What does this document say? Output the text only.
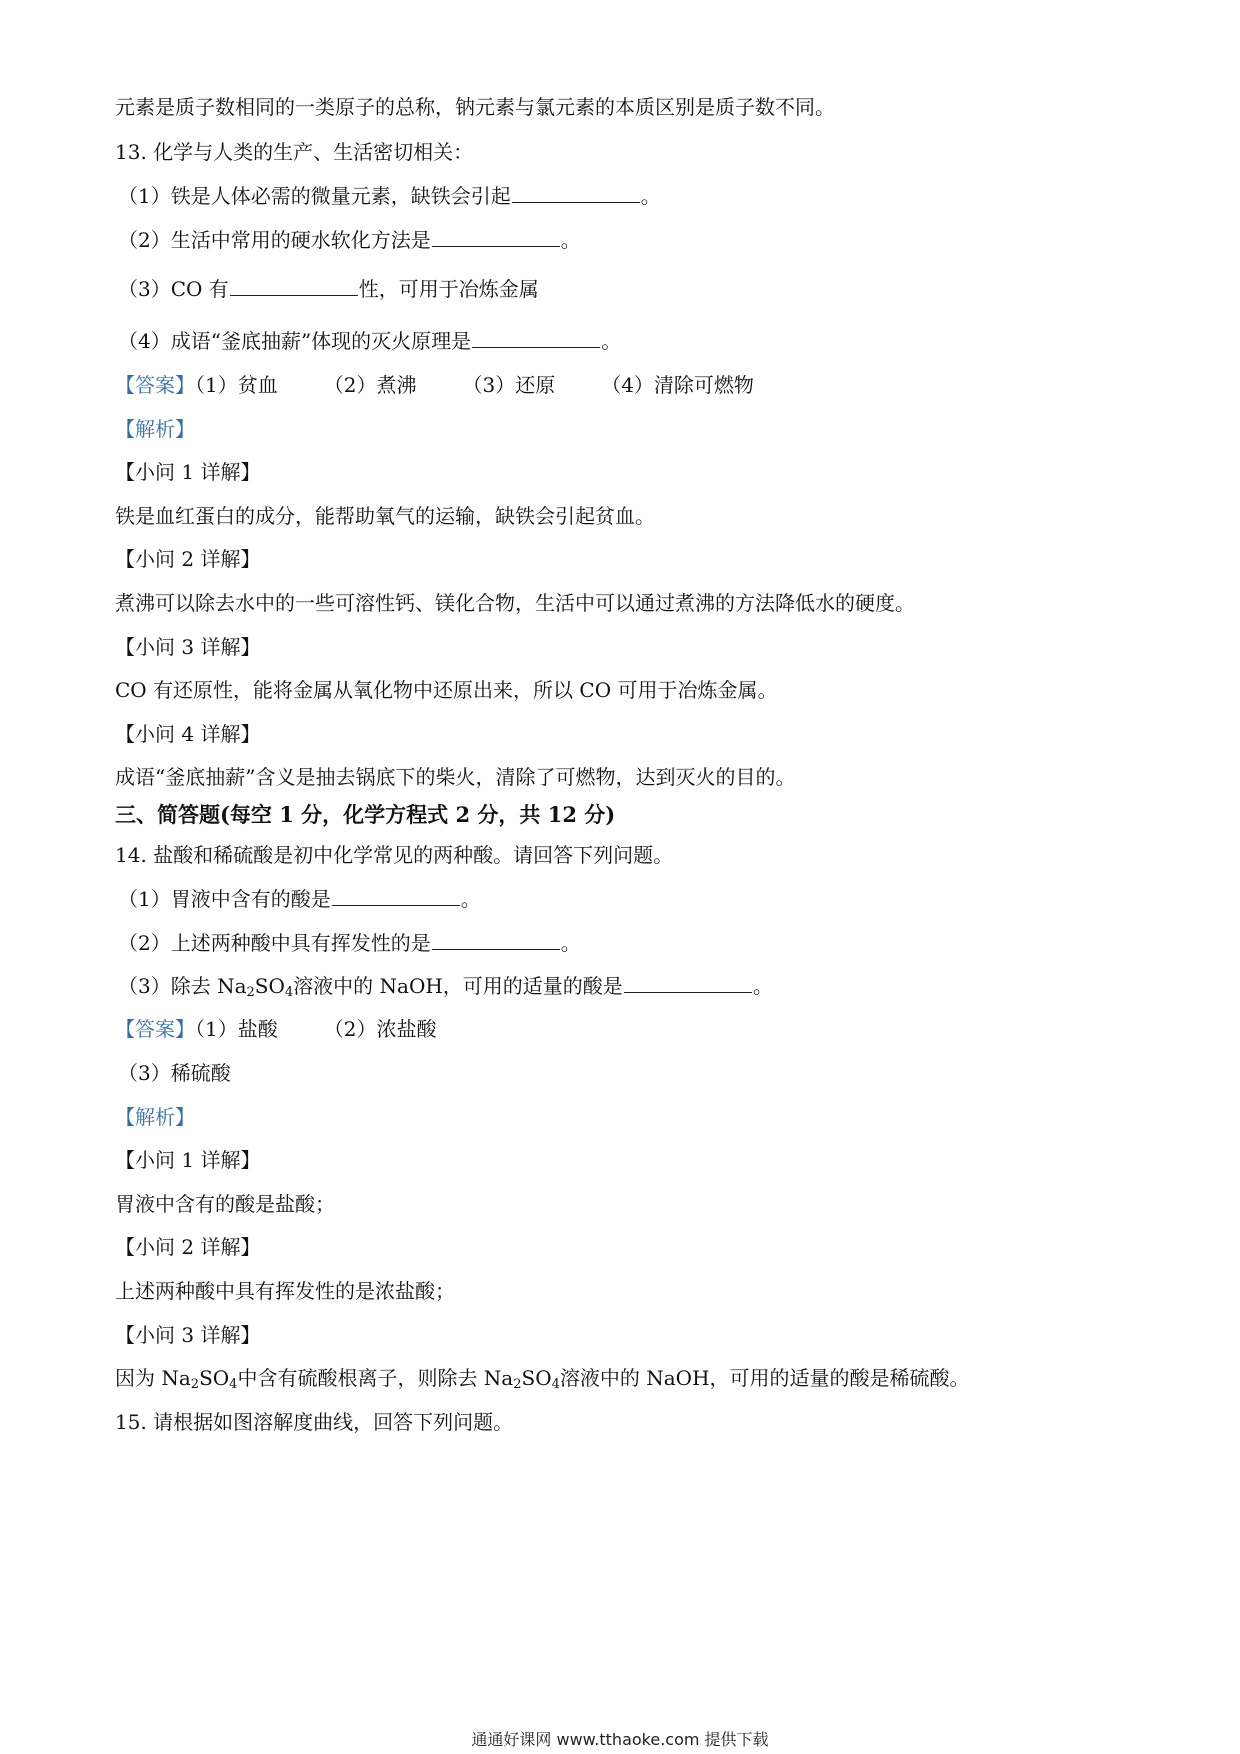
元素是质子数相同的一类原子的总称，钠元素与氯元素的本质区别是质子数不同。
13. 化学与人类的生产、生活密切相关：
（1）铁是人体必需的微量元素，缺铁会引起	。
（2）生活中常用的硬水软化方法是	。
（3）CO 有	性，可用于冶炼金属
（4）成语“釜底抽薪”体现的灭火原理是	。
【答案】（1）贫血 （2）煮沸 （3）还原 （4）清除可燃物
【解析】
【小问 1 详解】
铁是血红蛋白的成分，能帮助氧气的运输，缺铁会引起贫血。
【小问 2 详解】
煮沸可以除去水中的一些可溶性钙、镁化合物，生活中可以通过煮沸的方法降低水的硬度。
【小问 3 详解】
CO 有还原性，能将金属从氧化物中还原出来，所以 CO 可用于冶炼金属。
【小问 4 详解】
成语“釜底抽薪”含义是抽去锅底下的柴火，清除了可燃物，达到灭火的目的。
三、简答题(每空 1 分，化学方程式 2 分，共 12 分)
14. 盐酸和稀硫酸是初中化学常见的两种酸。请回答下列问题。
（1）胃液中含有的酸是	。
（2）上述两种酸中具有挥发性的是	。
（3）除去 $Na_2SO_4$溶液中的 NaOH，可用的适量的酸是	。
【答案】（1）盐酸 （2）浓盐酸
（3）稀硫酸
【解析】
【小问 1 详解】
胃液中含有的酸是盐酸；
【小问 2 详解】
上述两种酸中具有挥发性的是浓盐酸；
【小问 3 详解】
因为 $Na_2SO_4$中含有硫酸根离子，则除去 $Na_2SO_4$溶液中的 NaOH，可用的适量的酸是稀硫酸。
15. 请根据如图溶解度曲线，回答下列问题。
通通好课网 www.tthaoke.com 提供下载
